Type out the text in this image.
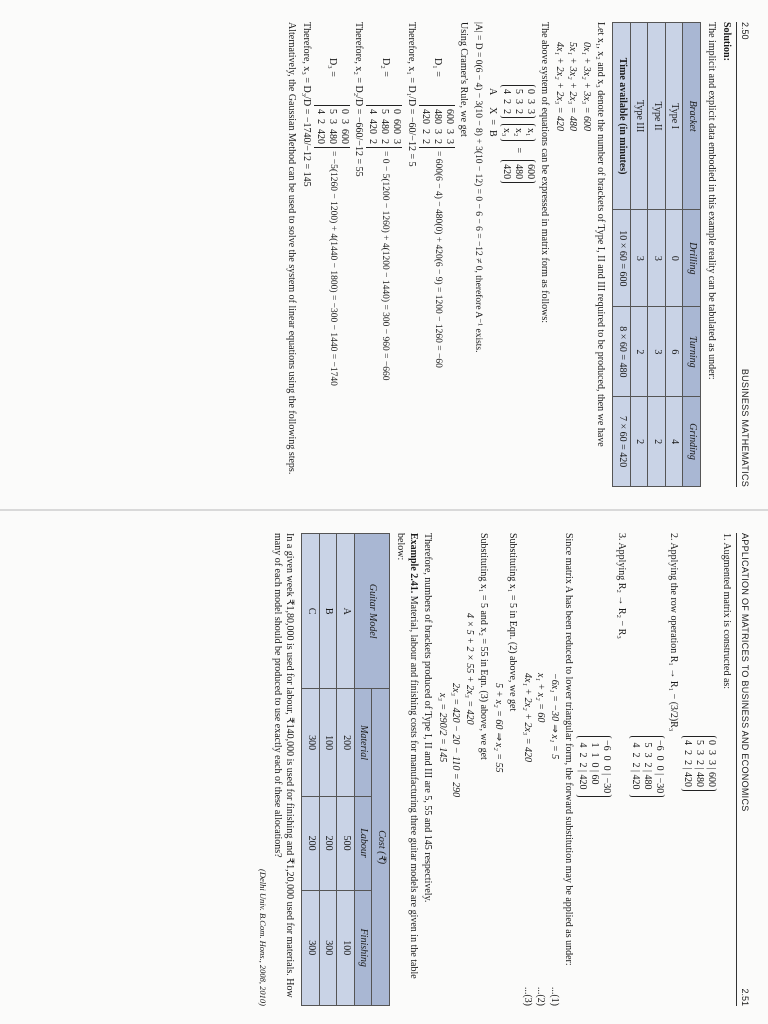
2.50
BUSINESS MATHEMATICS

Solution:

The implicit and explicit data embodied in this example reality can be tabulated as under:

Bracket	Drilling	Turning	Grinding
Type I	0	6	4
Type II	3	3	2
Type III	3	2	2
Time available (in minutes)	10 × 60 = 600	8 × 60 = 480	7 × 60 = 420

Let x₁, x₂ and x₃ denote the number of brackets of Type I, II and III required to be produced, then we have

0x₁ + 3x₂ + 3x₃ = 600
5x₁ + 3x₂ + 2x₃ = 480
4x₁ + 2x₂ + 2x₃ = 420

The above system of equations can be expressed in matrix form as follows:

0  3  3
5  3  2
4  2  2
x₁
x₂
x₃
=
600
480
420
A     X  =  B

|A| = D = 0(6 − 4) − 3(10 − 8) + 3(10 − 12) = 0 − 6 − 6 = −12 ≠ 0, therefore A⁻¹ exists.

Using Cramer's Rule, we get

D₁ =
600  3  3
480  3  2
420  2  2
= 600(6 − 4) − 480(0) + 420(6 − 9) = 1200 − 1260 = −60

Therefore, x₁ = D₁/D = −60/−12 = 5

D₂ =
0  600  3
5  480  2
4  420  2
= 0 − 5(1200 − 1260) + 4(1200 − 1440) = 300 − 960 = −660

Therefore, x₂ = D₂/D = −660/−12 = 55

D₃ =
0  3  600
5  3  480
4  2  420
= −5(1260 − 1200) + 4(1440 − 1800) = −300 − 1440 = −1740

Therefore, x₃ = D₃/D = −1740/−12 = 145

Alternatively, the Gaussian Method can be used to solve the system of linear equations using the following steps.

APPLICATION OF MATRICES TO BUSINESS AND ECONOMICS
2.51

1. Augmented matrix is constructed as:

0  3  3 | 600
5  3  2 | 480
4  2  2 | 420

2. Applying the row operation R₁ → R₁ − (3/2)R₃

−6  0  0 | −30
5  3  2 | 480
4  2  2 | 420

3. Applying R₂ → R₂ − R₃

−6  0  0 | −30
1  1  0 | 60
4  2  2 | 420

Since matrix A has been reduced to lower triangular form, the forward substitution may be applied as under:

−6x₁ = −30 ⇒ x₁ = 5
...(1)
x₁ + x₂ = 60
...(2)
4x₁ + 2x₂ + 2x₃ = 420
...(3)

Substituting x₁ = 5 in Eqn. (2) above, we get

5 + x₂ = 60 ⇒ x₂ = 55

Substituting x₁ = 5 and x₂ = 55 in Eqn. (3) above, we get

4 × 5 + 2 × 55 + 2x₃ = 420
2x₃ = 420 − 20 − 110 = 290
x₃ = 290/2 = 145

Therefore, numbers of brackets produced of Type I, II and III are 5, 55 and 145 respectively.

Example 2.41. Material, labour and finishing costs for manufacturing three guitar models are given in the table below:

Guitar Model	Cost (₹)		
	Material	Labour	Finishing
A	200	500	100
B	100	200	300
C	300	200	300

In a given week ₹1,80,000 is used for labour, ₹140,000 is used for finishing and ₹1,20,000 used for materials. How many of each model should be produced to use exactly each of these allocations?

(Delhi Univ. B.Com. Hons., 2008, 2010)
